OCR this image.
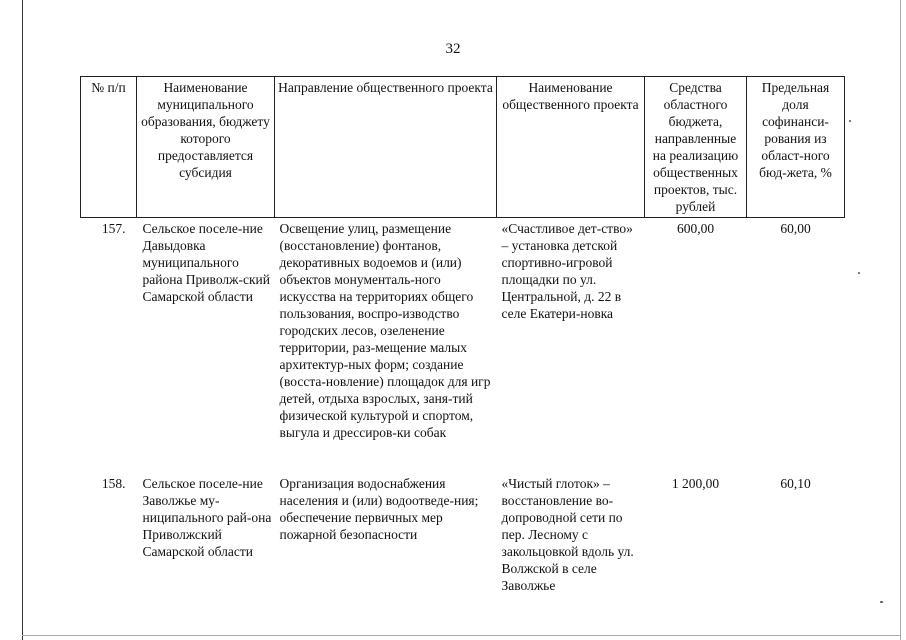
32
№ п/п	Наименование муниципального образования, бюджету которого предоставляется субсидия	Направление общественного проекта	Наименование общественного проекта	Средства областного бюджета, направленные на реализацию общественных проектов, тыс. рублей	Предельная доля софинанси-рования из област-ного бюд-жета, %
157.	Сельское поселе-ние Давыдовка муниципального района Приволж-ский Самарской области	Освещение улиц, размещение (восстановление) фонтанов, декоративных водоемов и (или) объектов монументаль-ного искусства на территориях общего пользования, воспро-изводство городских лесов, озеленение территории, раз-мещение малых архитектур-ных форм; создание (восста-новление) площадок для игр детей, отдыха взрослых, заня-тий физической культурой и спортом, выгула и дрессиров-ки собак	«Счастливое дет-ство» – установка детской спортивно-игровой площадки по ул. Центральной, д. 22 в селе Екатери-новка	600,00	60,00
158.	Сельское поселе-ние Заволжье му-ниципального рай-она Приволжский Самарской области	Организация водоснабжения населения и (или) водоотведе-ния; обеспечение первичных мер пожарной безопасности	«Чистый глоток» – восстановление во-допроводной сети по пер. Лесному с закольцовкой вдоль ул. Волжской в селе Заволжье	1 200,00	60,10
